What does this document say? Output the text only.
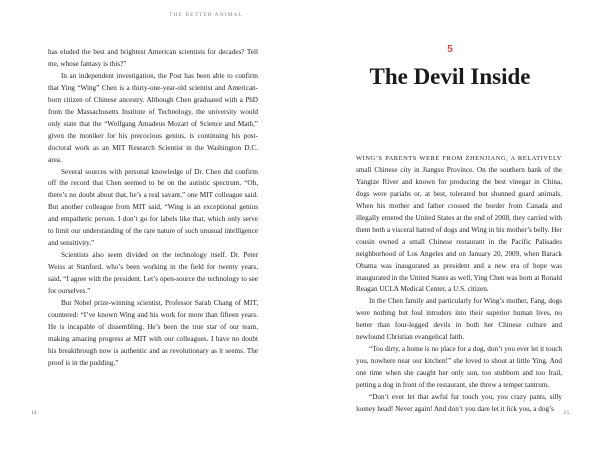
THE BETTER ANIMAL

has eluded the best and brightest American scientists for decades? Tell me, whose fantasy is this?”

In an independent investigation, the Post has been able to confirm that Ying “Wing” Chen is a thirty-one-year-old scientist and American-born citizen of Chinese ancestry. Although Chen graduated with a PhD from the Massachusetts Institute of Technology, the university would only state that the “Wolfgang Amadeus Mozart of Science and Math,” given the moniker for his precocious genius, is continuing his post-doctoral work as an MIT Research Scientist in the Washington D.C. area.

Several sources with personal knowledge of Dr. Chen did confirm off the record that Chen seemed to be on the autistic spectrum. “Oh, there’s no doubt about that, he’s a real savant,” one MIT colleague said. But another colleague from MIT said, “Wing is an exceptional genius and empathetic person. I don’t go for labels like that, which only serve to limit our understanding of the rare nature of such unusual intelligence and sensitivity.”

Scientists also seem divided on the technology itself. Dr. Peter Weiss at Stanford, who’s been working in the field for twenty years, said, “I agree with the president. Let’s open-source the technology to see for ourselves.”

But Nobel prize-winning scientist, Professor Sarah Chang of MIT, countered: “I’ve known Wing and his work for more than fifteen years. He is incapable of dissembling. He’s been the true star of our team, making amazing progress at MIT with our colleagues. I have no doubt his breakthrough now is authentic and as revolutionary as it seems. The proof is in the pudding.”

14
5
The Devil Inside

WING’S PARENTS WERE FROM ZHENJIANG, A RELATIVELY small Chinese city in Jiangsu Province. On the southern bank of the Yangtze River and known for producing the best vinegar in China, dogs were pariahs or, at best, tolerated but shunned guard animals. When his mother and father crossed the border from Canada and illegally entered the United States at the end of 2008, they carried with them both a visceral hatred of dogs and Wing in his mother’s belly. Her cousin owned a small Chinese restaurant in the Pacific Palisades neighborhood of Los Angeles and on January 20, 2009, when Barack Obama was inaugurated as president and a new era of hope was inaugurated in the United States as well, Ying Chen was born at Ronald Reagan UCLA Medical Center, a U.S. citizen.

In the Chen family and particularly for Wing’s mother, Fang, dogs were nothing but foul intruders into their superior human lives, no better than four-legged devils in both her Chinese culture and newfound Christian evangelical faith.

“Too dirty, a home is no place for a dog, don’t you ever let it touch you, nowhere near our kitchen!” she loved to shout at little Ying. And one time when she caught her only son, too stubborn and too frail, petting a dog in front of the restaurant, she threw a temper tantrum.

“Don’t ever let that awful fur touch you, you crazy pants, silly looney head! Never again! And don’t you dare let it lick you, a dog’s	15
